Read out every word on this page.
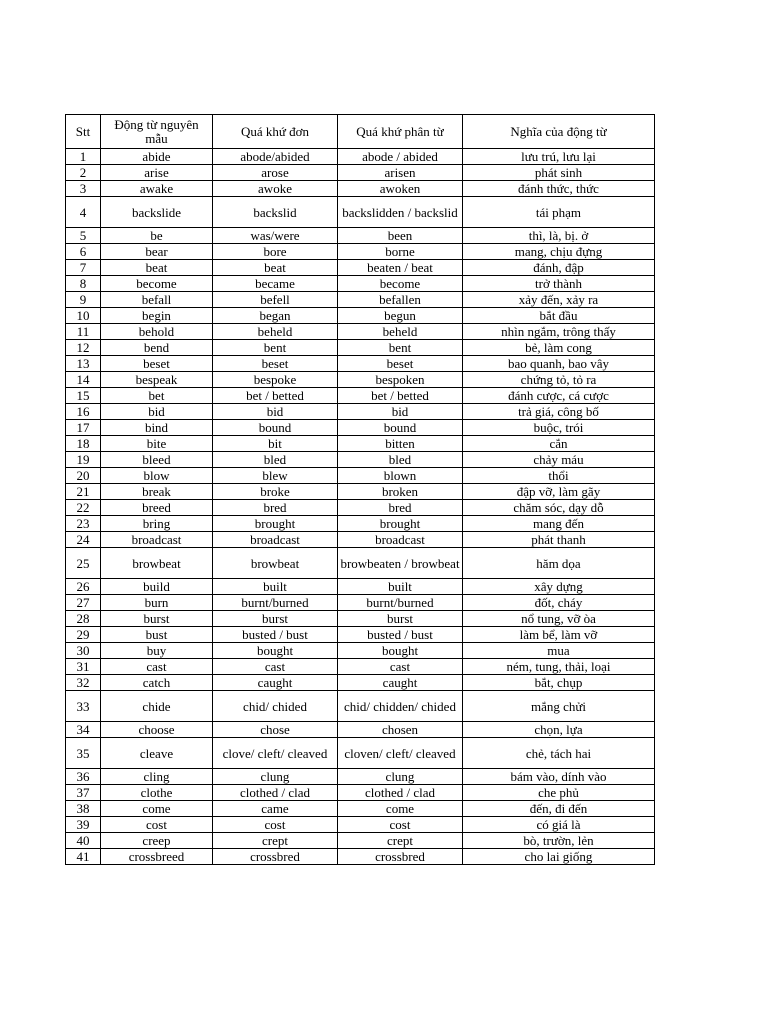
Stt	Động từ nguyên mẫu	Quá khứ đơn	Quá khứ phân từ	Nghĩa của động từ
1	abide	abode/abided	abode / abided	lưu trú, lưu lại
2	arise	arose	arisen	phát sinh
3	awake	awoke	awoken	đánh thức, thức
4	backslide	backslid	backslidden / backslid	tái phạm
5	be	was/were	been	thì, là, bị. ở
6	bear	bore	borne	mang, chịu đựng
7	beat	beat	beaten / beat	đánh, đập
8	become	became	become	trở thành
9	befall	befell	befallen	xảy đến, xảy ra
10	begin	began	begun	bắt đầu
11	behold	beheld	beheld	nhìn ngắm, trông thấy
12	bend	bent	bent	bẻ, làm cong
13	beset	beset	beset	bao quanh, bao vây
14	bespeak	bespoke	bespoken	chứng tỏ, tỏ ra
15	bet	bet / betted	bet / betted	đánh cược, cá cược
16	bid	bid	bid	trả giá, công bố
17	bind	bound	bound	buộc, trói
18	bite	bit	bitten	cắn
19	bleed	bled	bled	chảy máu
20	blow	blew	blown	thổi
21	break	broke	broken	đập vỡ, làm gãy
22	breed	bred	bred	chăm sóc, dạy dỗ
23	bring	brought	brought	mang đến
24	broadcast	broadcast	broadcast	phát thanh
25	browbeat	browbeat	browbeaten / browbeat	hăm dọa
26	build	built	built	xây dựng
27	burn	burnt/burned	burnt/burned	đốt, cháy
28	burst	burst	burst	nổ tung, vỡ òa
29	bust	busted / bust	busted / bust	làm bể, làm vỡ
30	buy	bought	bought	mua
31	cast	cast	cast	ném, tung, thải, loại
32	catch	caught	caught	bắt, chụp
33	chide	chid/ chided	chid/ chidden/ chided	mắng chửi
34	choose	chose	chosen	chọn, lựa
35	cleave	clove/ cleft/ cleaved	cloven/ cleft/ cleaved	chẻ, tách hai
36	cling	clung	clung	bám vào, dính vào
37	clothe	clothed / clad	clothed / clad	che phủ
38	come	came	come	đến, đi đến
39	cost	cost	cost	có giá là
40	creep	crept	crept	bò, trườn, lẻn
41	crossbreed	crossbred	crossbred	cho lai giống
